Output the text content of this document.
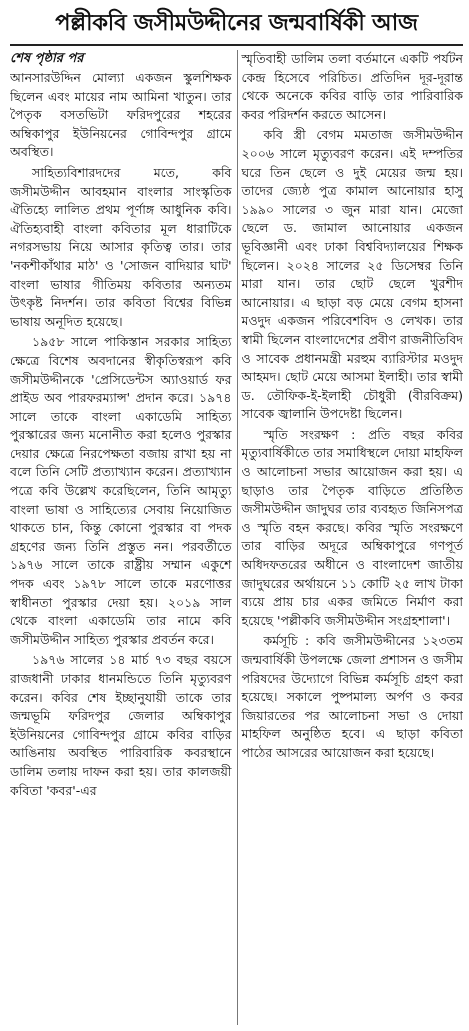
পল্লীকবি জসীমউদ্দীনের জন্মবার্ষিকী আজ
শেষ পৃষ্ঠার পর

আনসারউদ্দিন মোল্যা একজন স্কুলশিক্ষক ছিলেন এবং মায়ের নাম আমিনা খাতুন। তার পৈতৃক বসতভিটা ফরিদপুরের শহরের অম্বিকাপুর ইউনিয়নের গোবিন্দপুর গ্রামে অবস্থিত।

সাহিত্যবিশারদদের মতে, কবি জসীমউদ্দীন আবহমান বাংলার সাংস্কৃতিক ঐতিহ্যে লালিত প্রথম পূর্ণাঙ্গ আধুনিক কবি। ঐতিহ্যবাহী বাংলা কবিতার মূল ধারাটিকে নগরসভায় নিয়ে আসার কৃতিত্ব তার। তার 'নকশীকাঁথার মাঠ' ও 'সোজন বাদিয়ার ঘাট' বাংলা ভাষার গীতিময় কবিতার অন্যতম উৎকৃষ্ট নিদর্শন। তার কবিতা বিশ্বের বিভিন্ন ভাষায় অনূদিত হয়েছে।

১৯৫৮ সালে পাকিস্তান সরকার সাহিত্য ক্ষেত্রে বিশেষ অবদানের স্বীকৃতিস্বরূপ কবি জসীমউদ্দীনকে 'প্রেসিডেন্টস অ্যাওয়ার্ড ফর প্রাইড অব পারফরম্যান্স' প্রদান করে। ১৯৭৪ সালে তাকে বাংলা একাডেমি সাহিত্য পুরস্কারের জন্য মনোনীত করা হলেও পুরস্কার দেয়ার ক্ষেত্রে নিরপেক্ষতা বজায় রাখা হয় না বলে তিনি সেটি প্রত্যাখ্যান করেন। প্রত্যাখ্যান পত্রে কবি উল্লেখ করেছিলেন, তিনি আমৃত্যু বাংলা ভাষা ও সাহিত্যের সেবায় নিয়োজিত থাকতে চান, কিন্তু কোনো পুরস্কার বা পদক গ্রহণের জন্য তিনি প্রস্তুত নন। পরবর্তীতে ১৯৭৬ সালে তাকে রাষ্ট্রীয় সম্মান একুশে পদক এবং ১৯৭৮ সালে তাকে মরণোত্তর স্বাধীনতা পুরস্কার দেয়া হয়। ২০১৯ সাল থেকে বাংলা একাডেমি তার নামে কবি জসীমউদ্দীন সাহিত্য পুরস্কার প্রবর্তন করে।

১৯৭৬ সালের ১৪ মার্চ ৭৩ বছর বয়সে রাজধানী ঢাকার ধানমন্ডিতে তিনি মৃত্যুবরণ করেন। কবির শেষ ইচ্ছানুযায়ী তাকে তার জন্মভূমি ফরিদপুর জেলার অম্বিকাপুর ইউনিয়নের গোবিন্দপুর গ্রামে কবির বাড়ির আঙিনায় অবস্থিত পারিবারিক কবরস্থানে ডালিম তলায় দাফন করা হয়। তার কালজয়ী কবিতা 'কবর'-এর

স্মৃতিবাহী ডালিম তলা বর্তমানে একটি পর্যটন কেন্দ্র হিসেবে পরিচিত। প্রতিদিন দূর-দূরান্ত থেকে অনেকে কবির বাড়ি তার পারিবারিক কবর পরিদর্শন করতে আসেন।

কবি স্ত্রী বেগম মমতাজ জসীমউদ্দীন ২০০৬ সালে মৃত্যুবরণ করেন। এই দম্পতির ঘরে তিন ছেলে ও দুই মেয়ের জন্ম হয়। তাদের জ্যেষ্ঠ পুত্র কামাল আনোয়ার হাসু ১৯৯০ সালের ৩ জুন মারা যান। মেজো ছেলে ড. জামাল আনোয়ার একজন ভূবিজ্ঞানী এবং ঢাকা বিশ্ববিদ্যালয়ের শিক্ষক ছিলেন। ২০২৪ সালের ২৫ ডিসেম্বর তিনি মারা যান। তার ছোট ছেলে খুরশীদ আনোয়ার। এ ছাড়া বড় মেয়ে বেগম হাসনা মওদুদ একজন পরিবেশবিদ ও লেখক। তার স্বামী ছিলেন বাংলাদেশের প্রবীণ রাজনীতিবিদ ও সাবেক প্রধানমন্ত্রী মরহুম ব্যারিস্টার মওদুদ আহমদ। ছোট মেয়ে আসমা ইলাহী। তার স্বামী ড. তৌফিক-ই-ইলাহী চৌধুরী (বীরবিক্রম) সাবেক জ্বালানি উপদেষ্টা ছিলেন।

স্মৃতি সংরক্ষণ : প্রতি বছর কবির মৃত্যুবার্ষিকীতে তার সমাধিস্থলে দোয়া মাহফিল ও আলোচনা সভার আয়োজন করা হয়। এ ছাড়াও তার পৈতৃক বাড়িতে প্রতিষ্ঠিত জসীমউদ্দীন জাদুঘর তার ব্যবহৃত জিনিসপত্র ও স্মৃতি বহন করছে। কবির স্মৃতি সংরক্ষণে তার বাড়ির অদূরে অম্বিকাপুরে গণপূর্ত অধিদফতরের অধীনে ও বাংলাদেশ জাতীয় জাদুঘরের অর্থায়নে ১১ কোটি ২৫ লাখ টাকা ব্যয়ে প্রায় চার একর জমিতে নির্মাণ করা হয়েছে 'পল্লীকবি জসীমউদ্দীন সংগ্রহশালা'।

কর্মসূচি : কবি জসীমউদ্দীনের ১২৩তম জন্মবার্ষিকী উপলক্ষে জেলা প্রশাসন ও জসীম পরিষদের উদ্যোগে বিভিন্ন কর্মসূচি গ্রহণ করা হয়েছে। সকালে পুষ্পমাল্য অর্পণ ও কবর জিয়ারতের পর আলোচনা সভা ও দোয়া মাহফিল অনুষ্ঠিত হবে। এ ছাড়া কবিতা পাঠের আসরের আয়োজন করা হয়েছে।
